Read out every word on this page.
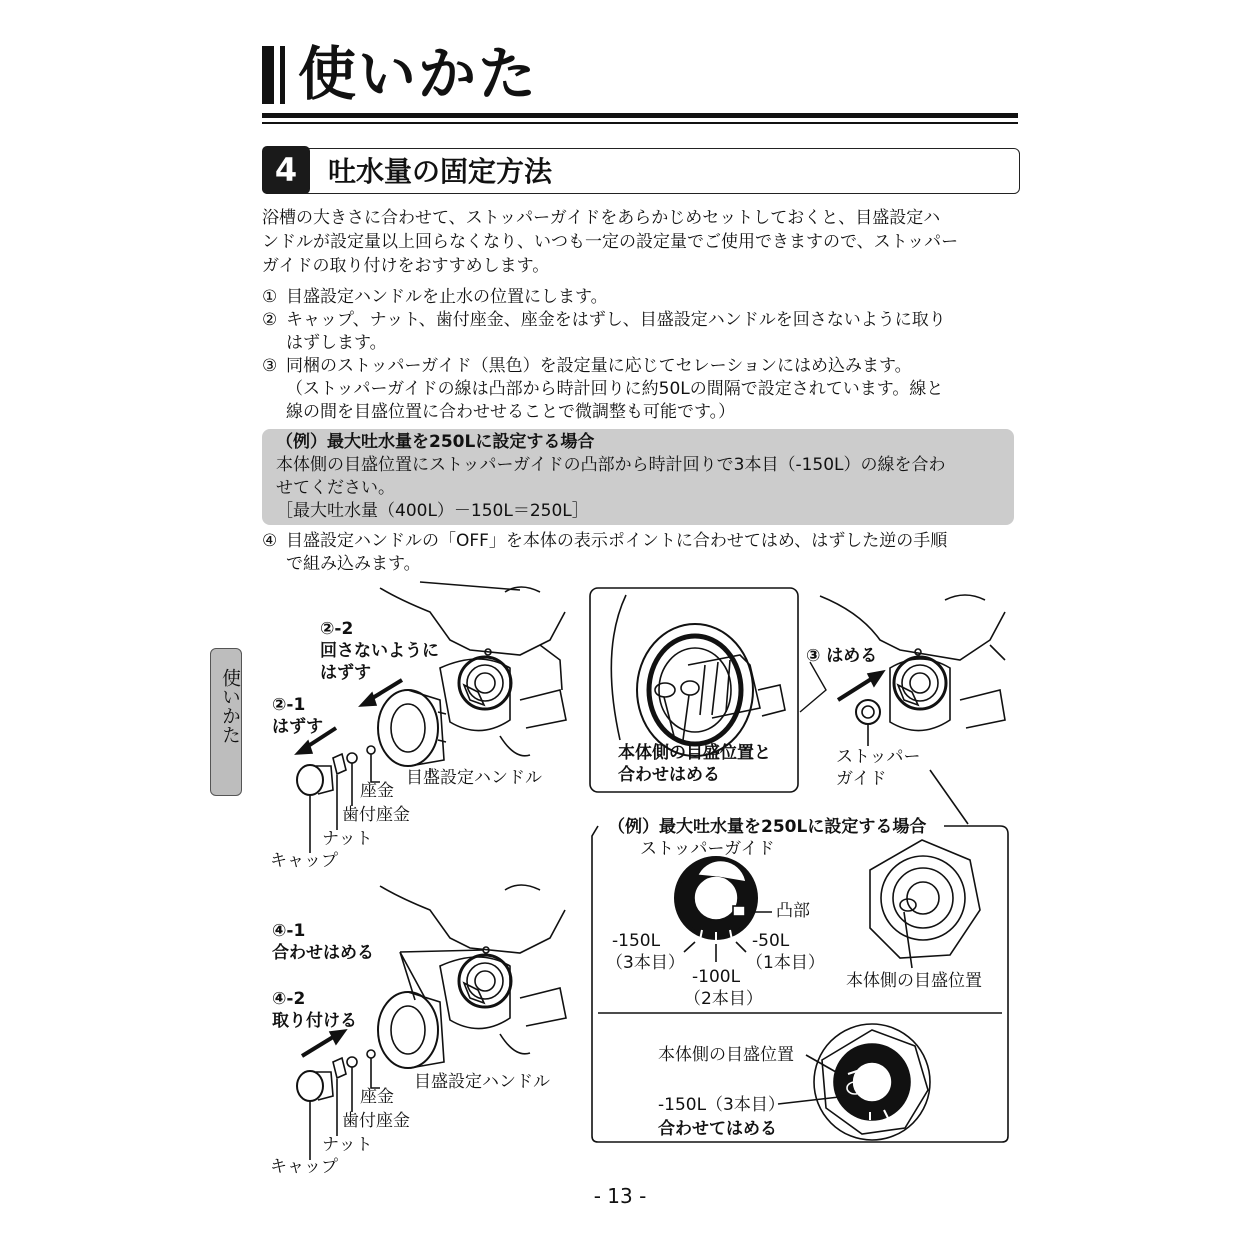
使いかた
4	吐水量の固定方法
浴槽の大きさに合わせて、ストッパーガイドをあらかじめセットしておくと、目盛設定ハ
ンドルが設定量以上回らなくなり、いつも一定の設定量でご使用できますので、ストッパー
ガイドの取り付けをおすすめします。
① 目盛設定ハンドルを止水の位置にします。
② キャップ、ナット、歯付座金、座金をはずし、目盛設定ハンドルを回さないように取り
はずします。
③ 同梱のストッパーガイド（黒色）を設定量に応じてセレーションにはめ込みます。
（ストッパーガイドの線は凸部から時計回りに約50Lの間隔で設定されています。線と
線の間を目盛位置に合わせせることで微調整も可能です。）
（例）最大吐水量を250Lに設定する場合
本体側の目盛位置にストッパーガイドの凸部から時計回りで3本目（-150L）の線を合わ
せてください。
［最大吐水量（400L）－150L＝250L］
④ 目盛設定ハンドルの「OFF」を本体の表示ポイントに合わせてはめ、はずした逆の手順
で組み込みます。
使いかた
②-2
回さないように
はずす
②-1
はずす
目盛設定ハンドル
座金
歯付座金
ナット
キャップ
本体側の目盛位置と
合わせはめる
③ はめる
ストッパー
ガイド
④-1
合わせはめる
④-2
取り付ける
目盛設定ハンドル
座金
歯付座金
ナット
キャップ
（例）最大吐水量を250Lに設定する場合
ストッパーガイド
凸部
-150L
（3本目）
-50L
（1本目）
-100L
（2本目）
本体側の目盛位置
本体側の目盛位置
-150L（3本目）
合わせてはめる
- 13 -
